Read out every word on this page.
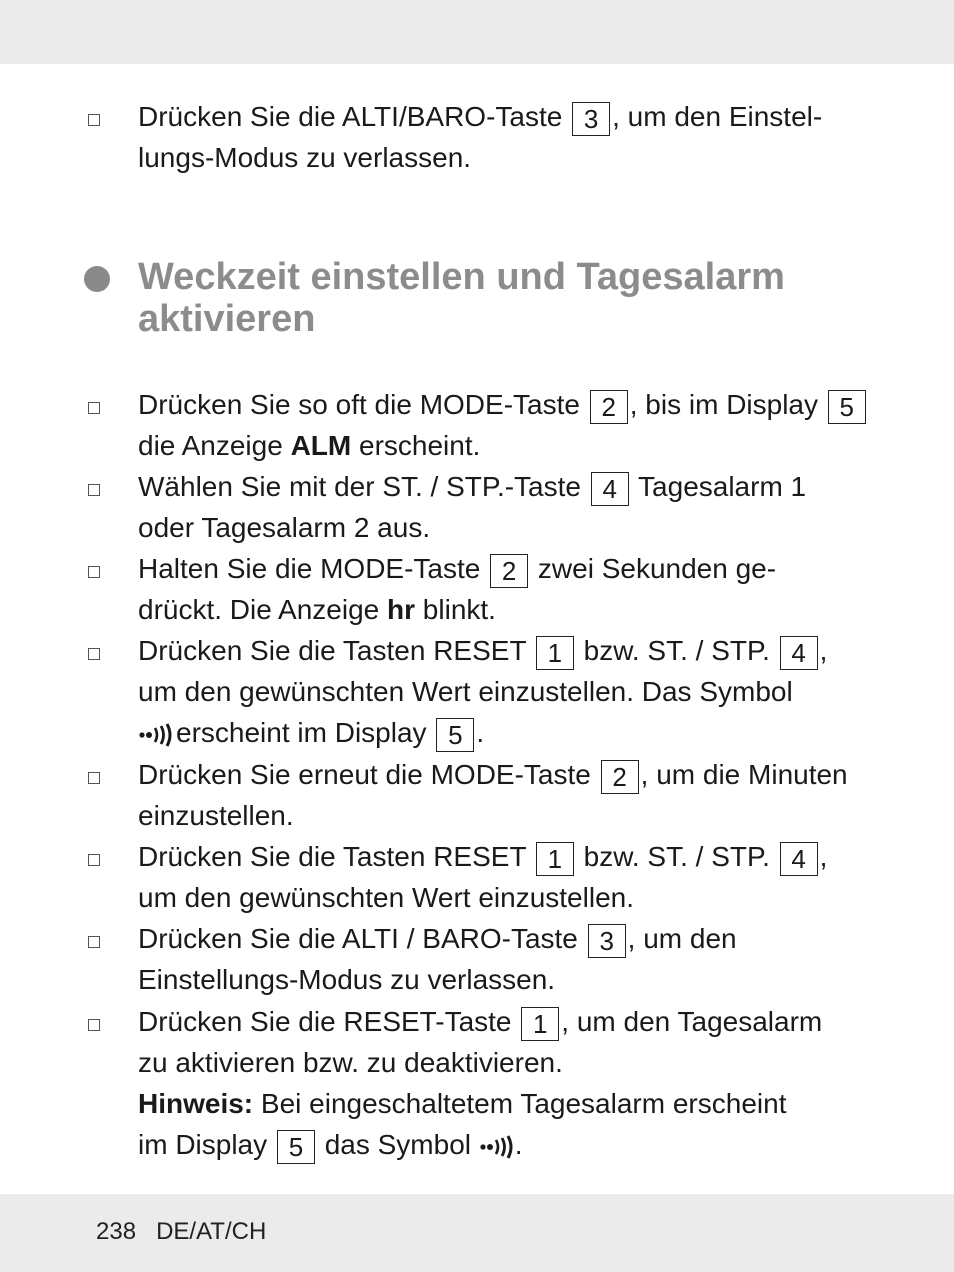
Drücken Sie die ALTI/BARO-Taste 3 , um den Einstel-
lungs-Modus zu verlassen.
Weckzeit einstellen und Tagesalarm
aktivieren
Drücken Sie so oft die MODE-Taste 2 , bis im Display 5
die Anzeige ALM erscheint.
Wählen Sie mit der ST. / STP.-Taste 4 Tagesalarm 1
oder Tagesalarm 2 aus.
Halten Sie die MODE-Taste 2 zwei Sekunden ge-
drückt. Die Anzeige hr blinkt.
Drücken Sie die Tasten RESET 1 bzw. ST. / STP. 4 ,
um den gewünschten Wert einzustellen. Das Symbol
erscheint im Display 5 .
Drücken Sie erneut die MODE-Taste 2 , um die Minuten
einzustellen.
Drücken Sie die Tasten RESET 1 bzw. ST. / STP. 4 ,
um den gewünschten Wert einzustellen.
Drücken Sie die ALTI / BARO-Taste 3 , um den
Einstellungs-Modus zu verlassen.
Drücken Sie die RESET-Taste 1 , um den Tagesalarm
zu aktivieren bzw. zu deaktivieren.
Hinweis: Bei eingeschaltetem Tagesalarm erscheint
im Display 5 das Symbol .
238 DE/AT/CH
